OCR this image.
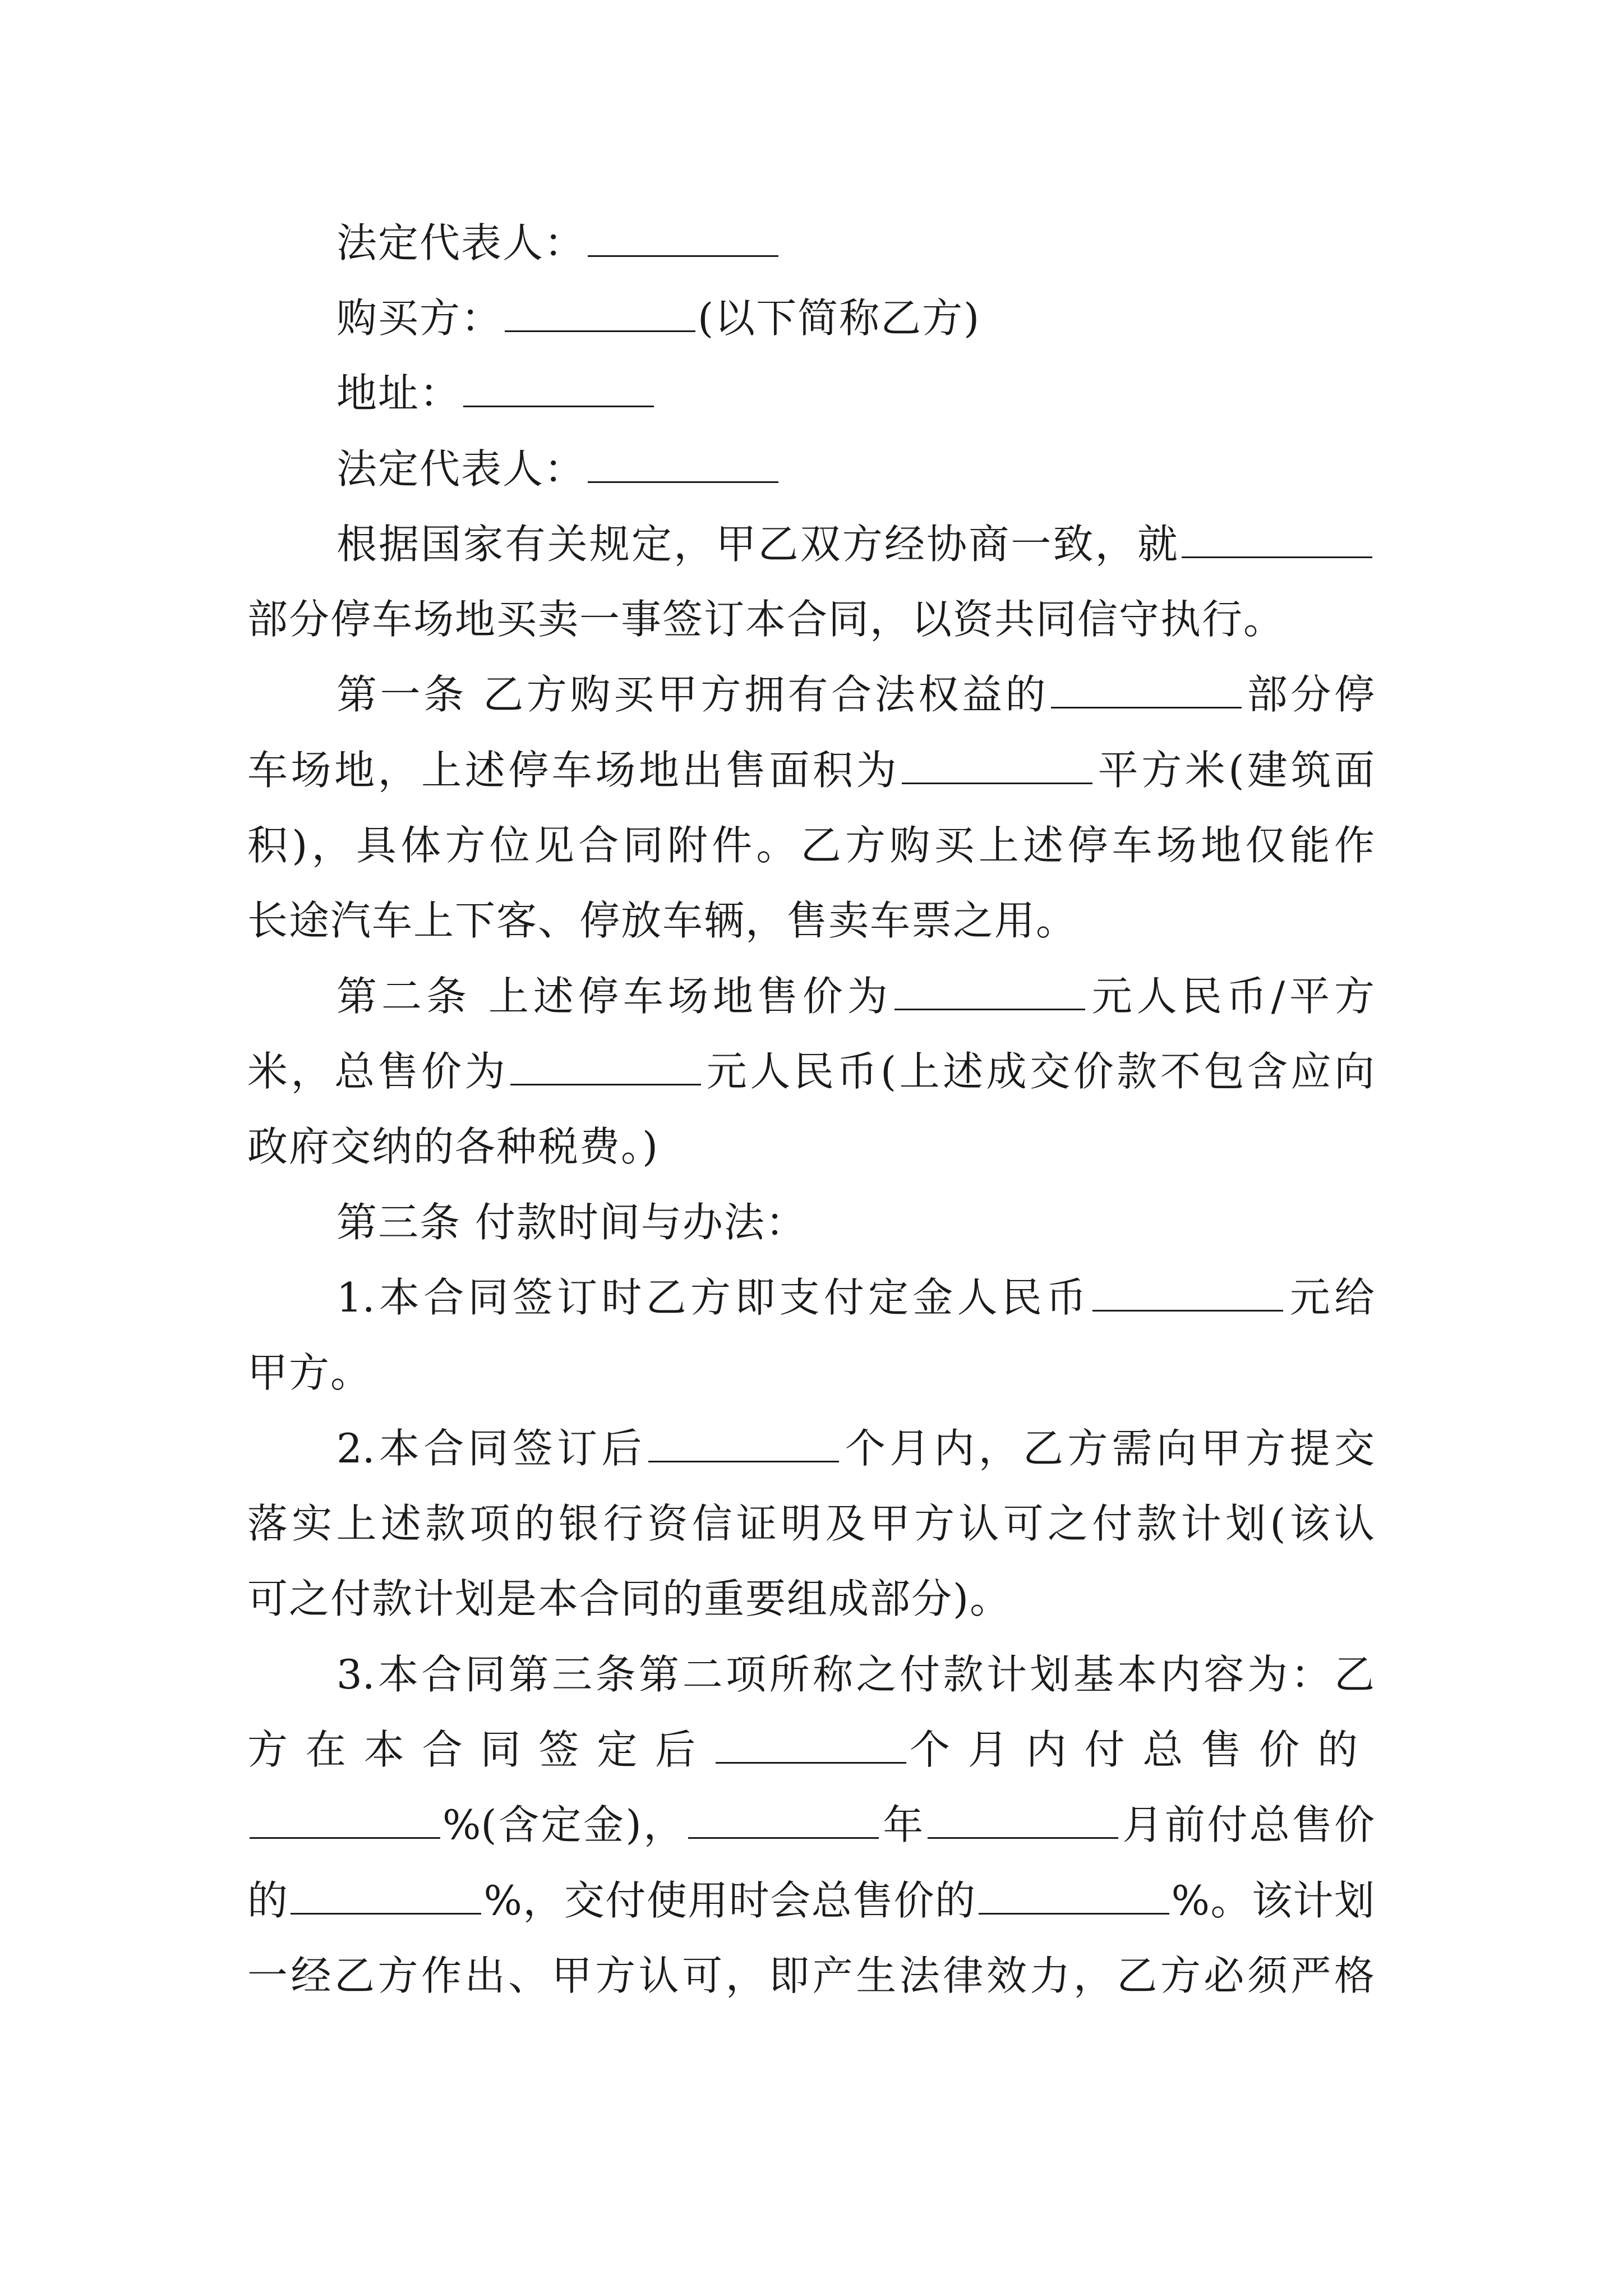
法定代表人：
购买方：	(以下简称乙方)
地址：
法定代表人：
根据国家有关规定，甲乙双方经协商一致，就
部分停车场地买卖一事签订本合同，以资共同信守执行。
第一条 乙方购买甲方拥有合法权益的	部分停
车场地，上述停车场地出售面积为	平方米(建筑面
积)，具体方位见合同附件。乙方购买上述停车场地仅能作
长途汽车上下客、停放车辆，售卖车票之用。
第二条 上述停车场地售价为	元人民币/平方
米，总售价为	元人民币(上述成交价款不包含应向
政府交纳的各种税费。)
第三条 付款时间与办法：
1.本合同签订时乙方即支付定金人民币	元给
甲方。
2.本合同签订后	个月内，乙方需向甲方提交
落实上述款项的银行资信证明及甲方认可之付款计划(该认
可之付款计划是本合同的重要组成部分)。
3.本合同第三条第二项所称之付款计划基本内容为：乙
方在本合同签定后	个月内付总售价的
%(含定金)，	年	月前付总售价
的	%，交付使用时会总售价的	%。该计划
一经乙方作出、甲方认可，即产生法律效力，乙方必须严格
